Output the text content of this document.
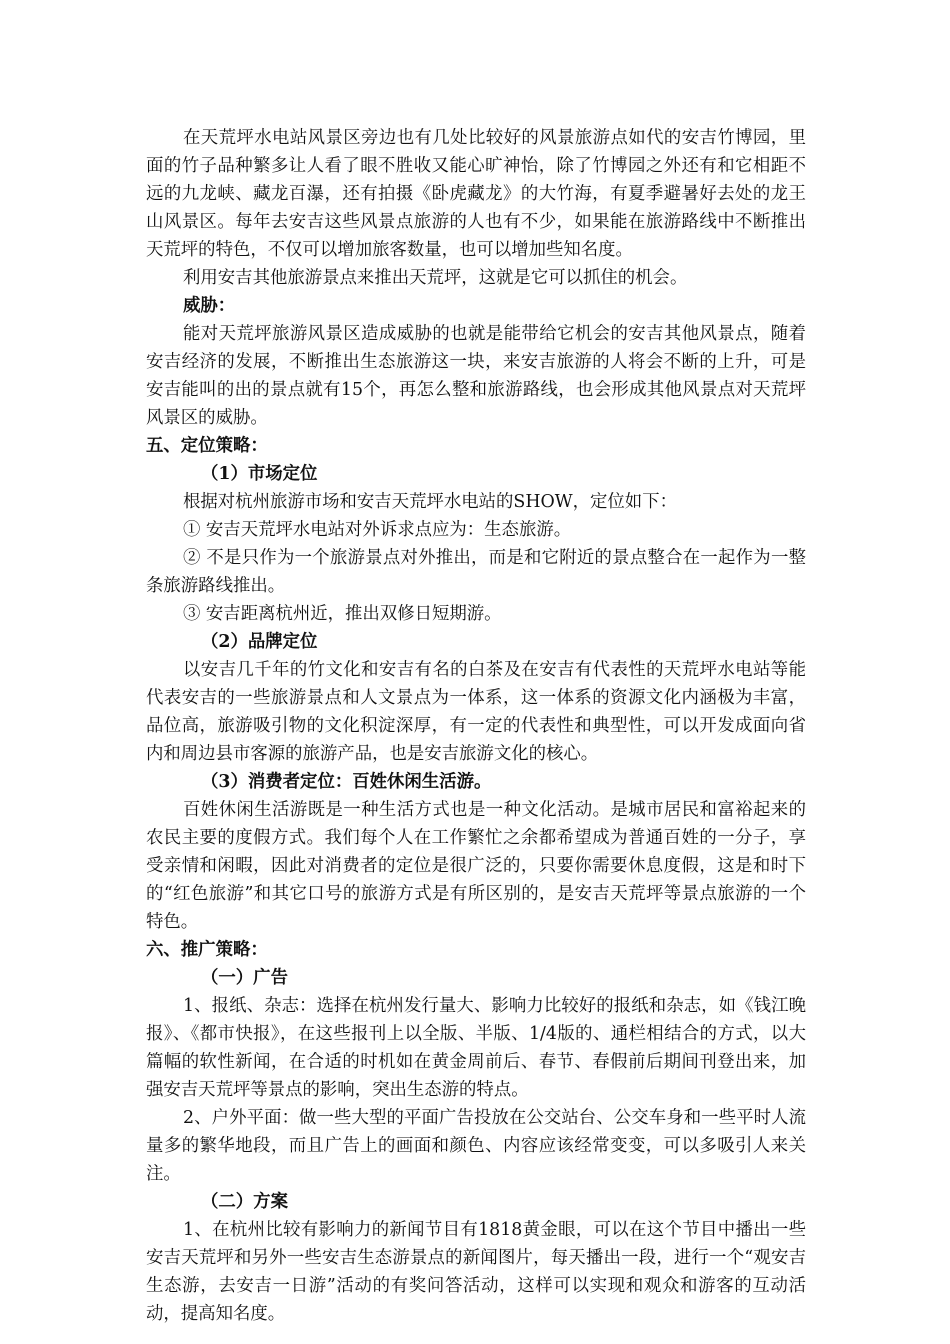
在天荒坪水电站风景区旁边也有几处比较好的风景旅游点如代的安吉竹博园，里面的竹子品种繁多让人看了眼不胜收又能心旷神怡，除了竹博园之外还有和它相距不远的九龙峡、藏龙百瀑，还有拍摄《卧虎藏龙》的大竹海，有夏季避暑好去处的龙王山风景区。每年去安吉这些风景点旅游的人也有不少，如果能在旅游路线中不断推出天荒坪的特色，不仅可以增加旅客数量，也可以增加些知名度。

利用安吉其他旅游景点来推出天荒坪，这就是它可以抓住的机会。

威胁：

能对天荒坪旅游风景区造成威胁的也就是能带给它机会的安吉其他风景点，随着安吉经济的发展，不断推出生态旅游这一块，来安吉旅游的人将会不断的上升，可是安吉能叫的出的景点就有15个，再怎么整和旅游路线，也会形成其他风景点对天荒坪风景区的威胁。

五、定位策略：

（1）市场定位

根据对杭州旅游市场和安吉天荒坪水电站的SHOW，定位如下：

① 安吉天荒坪水电站对外诉求点应为：生态旅游。

② 不是只作为一个旅游景点对外推出，而是和它附近的景点整合在一起作为一整条旅游路线推出。

③ 安吉距离杭州近，推出双修日短期游。

（2）品牌定位

以安吉几千年的竹文化和安吉有名的白茶及在安吉有代表性的天荒坪水电站等能代表安吉的一些旅游景点和人文景点为一体系，这一体系的资源文化内涵极为丰富，品位高，旅游吸引物的文化积淀深厚，有一定的代表性和典型性，可以开发成面向省内和周边县市客源的旅游产品，也是安吉旅游文化的核心。

（3）消费者定位：百姓休闲生活游。

百姓休闲生活游既是一种生活方式也是一种文化活动。是城市居民和富裕起来的农民主要的度假方式。我们每个人在工作繁忙之余都希望成为普通百姓的一分子，享受亲情和闲暇，因此对消费者的定位是很广泛的，只要你需要休息度假，这是和时下的“红色旅游”和其它口号的旅游方式是有所区别的，是安吉天荒坪等景点旅游的一个特色。

六、推广策略：

（一）广告

1、报纸、杂志：选择在杭州发行量大、影响力比较好的报纸和杂志，如《钱江晚报》、《都市快报》，在这些报刊上以全版、半版、1/4版的、通栏相结合的方式，以大篇幅的软性新闻，在合适的时机如在黄金周前后、春节、春假前后期间刊登出来，加强安吉天荒坪等景点的影响，突出生态游的特点。

2、户外平面：做一些大型的平面广告投放在公交站台、公交车身和一些平时人流量多的繁华地段，而且广告上的画面和颜色、内容应该经常变变，可以多吸引人来关注。

（二）方案

1、在杭州比较有影响力的新闻节目有1818黄金眼，可以在这个节目中播出一些安吉天荒坪和另外一些安吉生态游景点的新闻图片，每天播出一段，进行一个“观安吉生态游，去安吉一日游”活动的有奖问答活动，这样可以实现和观众和游客的互动活动，提高知名度。
